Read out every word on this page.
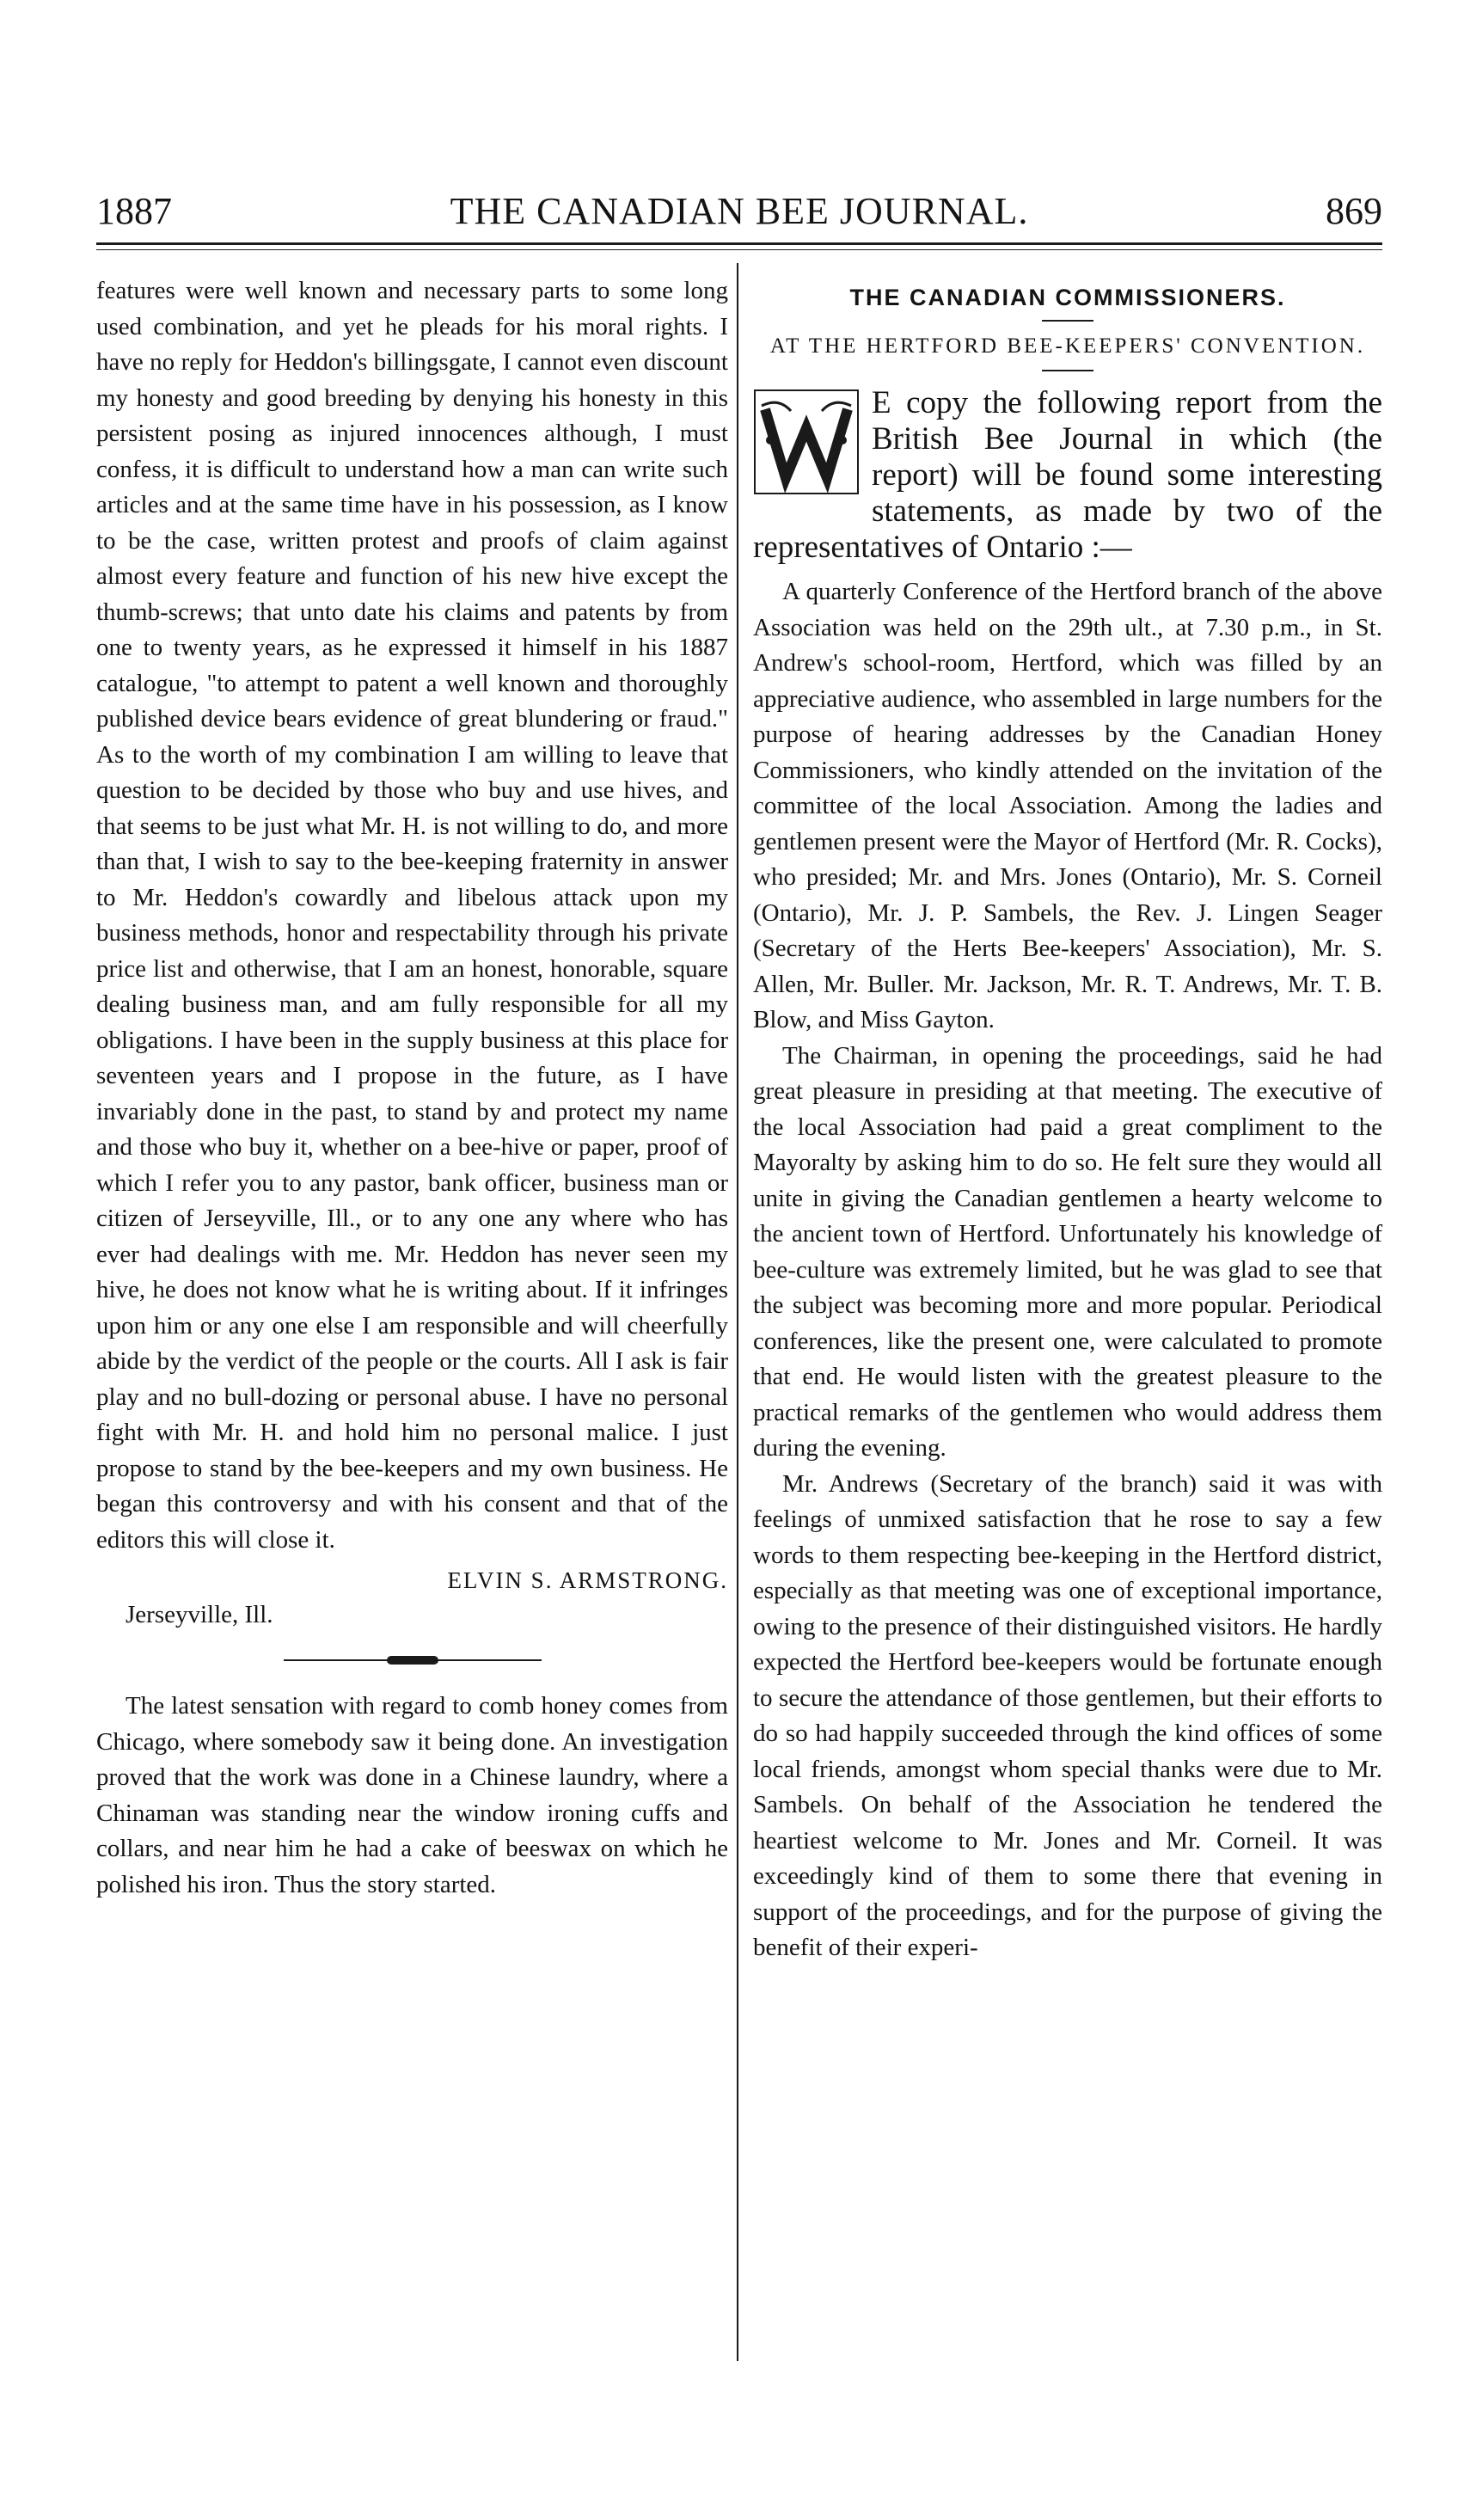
1887	THE CANADIAN BEE JOURNAL.	869

features were well known and necessary parts to some long used combination, and yet he pleads for his moral rights. I have no reply for Heddon's billingsgate, I cannot even discount my honesty and good breeding by denying his honesty in this persistent posing as injured innocences although, I must confess, it is difficult to understand how a man can write such articles and at the same time have in his possession, as I know to be the case, written protest and proofs of claim against almost every feature and function of his new hive except the thumb-screws; that unto date his claims and patents by from one to twenty years, as he expressed it himself in his 1887 catalogue, "to attempt to patent a well known and thoroughly published device bears evidence of great blundering or fraud." As to the worth of my combination I am willing to leave that question to be decided by those who buy and use hives, and that seems to be just what Mr. H. is not willing to do, and more than that, I wish to say to the bee-keeping fraternity in answer to Mr. Heddon's cowardly and libelous attack upon my business methods, honor and respectability through his private price list and otherwise, that I am an honest, honorable, square dealing business man, and am fully responsible for all my obligations. I have been in the supply business at this place for seventeen years and I propose in the future, as I have invariably done in the past, to stand by and protect my name and those who buy it, whether on a bee-hive or paper, proof of which I refer you to any pastor, bank officer, business man or citizen of Jerseyville, Ill., or to any one any where who has ever had dealings with me. Mr. Heddon has never seen my hive, he does not know what he is writing about. If it infringes upon him or any one else I am responsible and will cheerfully abide by the verdict of the people or the courts. All I ask is fair play and no bull-dozing or personal abuse. I have no personal fight with Mr. H. and hold him no personal malice. I just propose to stand by the bee-keepers and my own business. He began this controversy and with his consent and that of the editors this will close it.

ELVIN S. ARMSTRONG.
Jerseyville, Ill.

The latest sensation with regard to comb honey comes from Chicago, where somebody saw it being done. An investigation proved that the work was done in a Chinese laundry, where a Chinaman was standing near the window ironing cuffs and collars, and near him he had a cake of beeswax on which he polished his iron. Thus the story started.

THE CANADIAN COMMISSIONERS.
AT THE HERTFORD BEE-KEEPERS' CONVENTION.
E copy the following report from the British Bee Journal in which (the report) will be found some interesting statements, as made by two of the representatives of Ontario :—

A quarterly Conference of the Hertford branch of the above Association was held on the 29th ult., at 7.30 p.m., in St. Andrew's school-room, Hertford, which was filled by an appreciative audience, who assembled in large numbers for the purpose of hearing addresses by the Canadian Honey Commissioners, who kindly attended on the invitation of the committee of the local Association. Among the ladies and gentlemen present were the Mayor of Hertford (Mr. R. Cocks), who presided; Mr. and Mrs. Jones (Ontario), Mr. S. Corneil (Ontario), Mr. J. P. Sambels, the Rev. J. Lingen Seager (Secretary of the Herts Bee-keepers' Association), Mr. S. Allen, Mr. Buller. Mr. Jackson, Mr. R. T. Andrews, Mr. T. B. Blow, and Miss Gayton.

The Chairman, in opening the proceedings, said he had great pleasure in presiding at that meeting. The executive of the local Association had paid a great compliment to the Mayoralty by asking him to do so. He felt sure they would all unite in giving the Canadian gentlemen a hearty welcome to the ancient town of Hertford. Unfortunately his knowledge of bee-culture was extremely limited, but he was glad to see that the subject was becoming more and more popular. Periodical conferences, like the present one, were calculated to promote that end. He would listen with the greatest pleasure to the practical remarks of the gentlemen who would address them during the evening.

Mr. Andrews (Secretary of the branch) said it was with feelings of unmixed satisfaction that he rose to say a few words to them respecting bee-keeping in the Hertford district, especially as that meeting was one of exceptional importance, owing to the presence of their distinguished visitors. He hardly expected the Hertford bee-keepers would be fortunate enough to secure the attendance of those gentlemen, but their efforts to do so had happily succeeded through the kind offices of some local friends, amongst whom special thanks were due to Mr. Sambels. On behalf of the Association he tendered the heartiest welcome to Mr. Jones and Mr. Corneil. It was exceedingly kind of them to some there that evening in support of the proceedings, and for the purpose of giving the benefit of their experi-
